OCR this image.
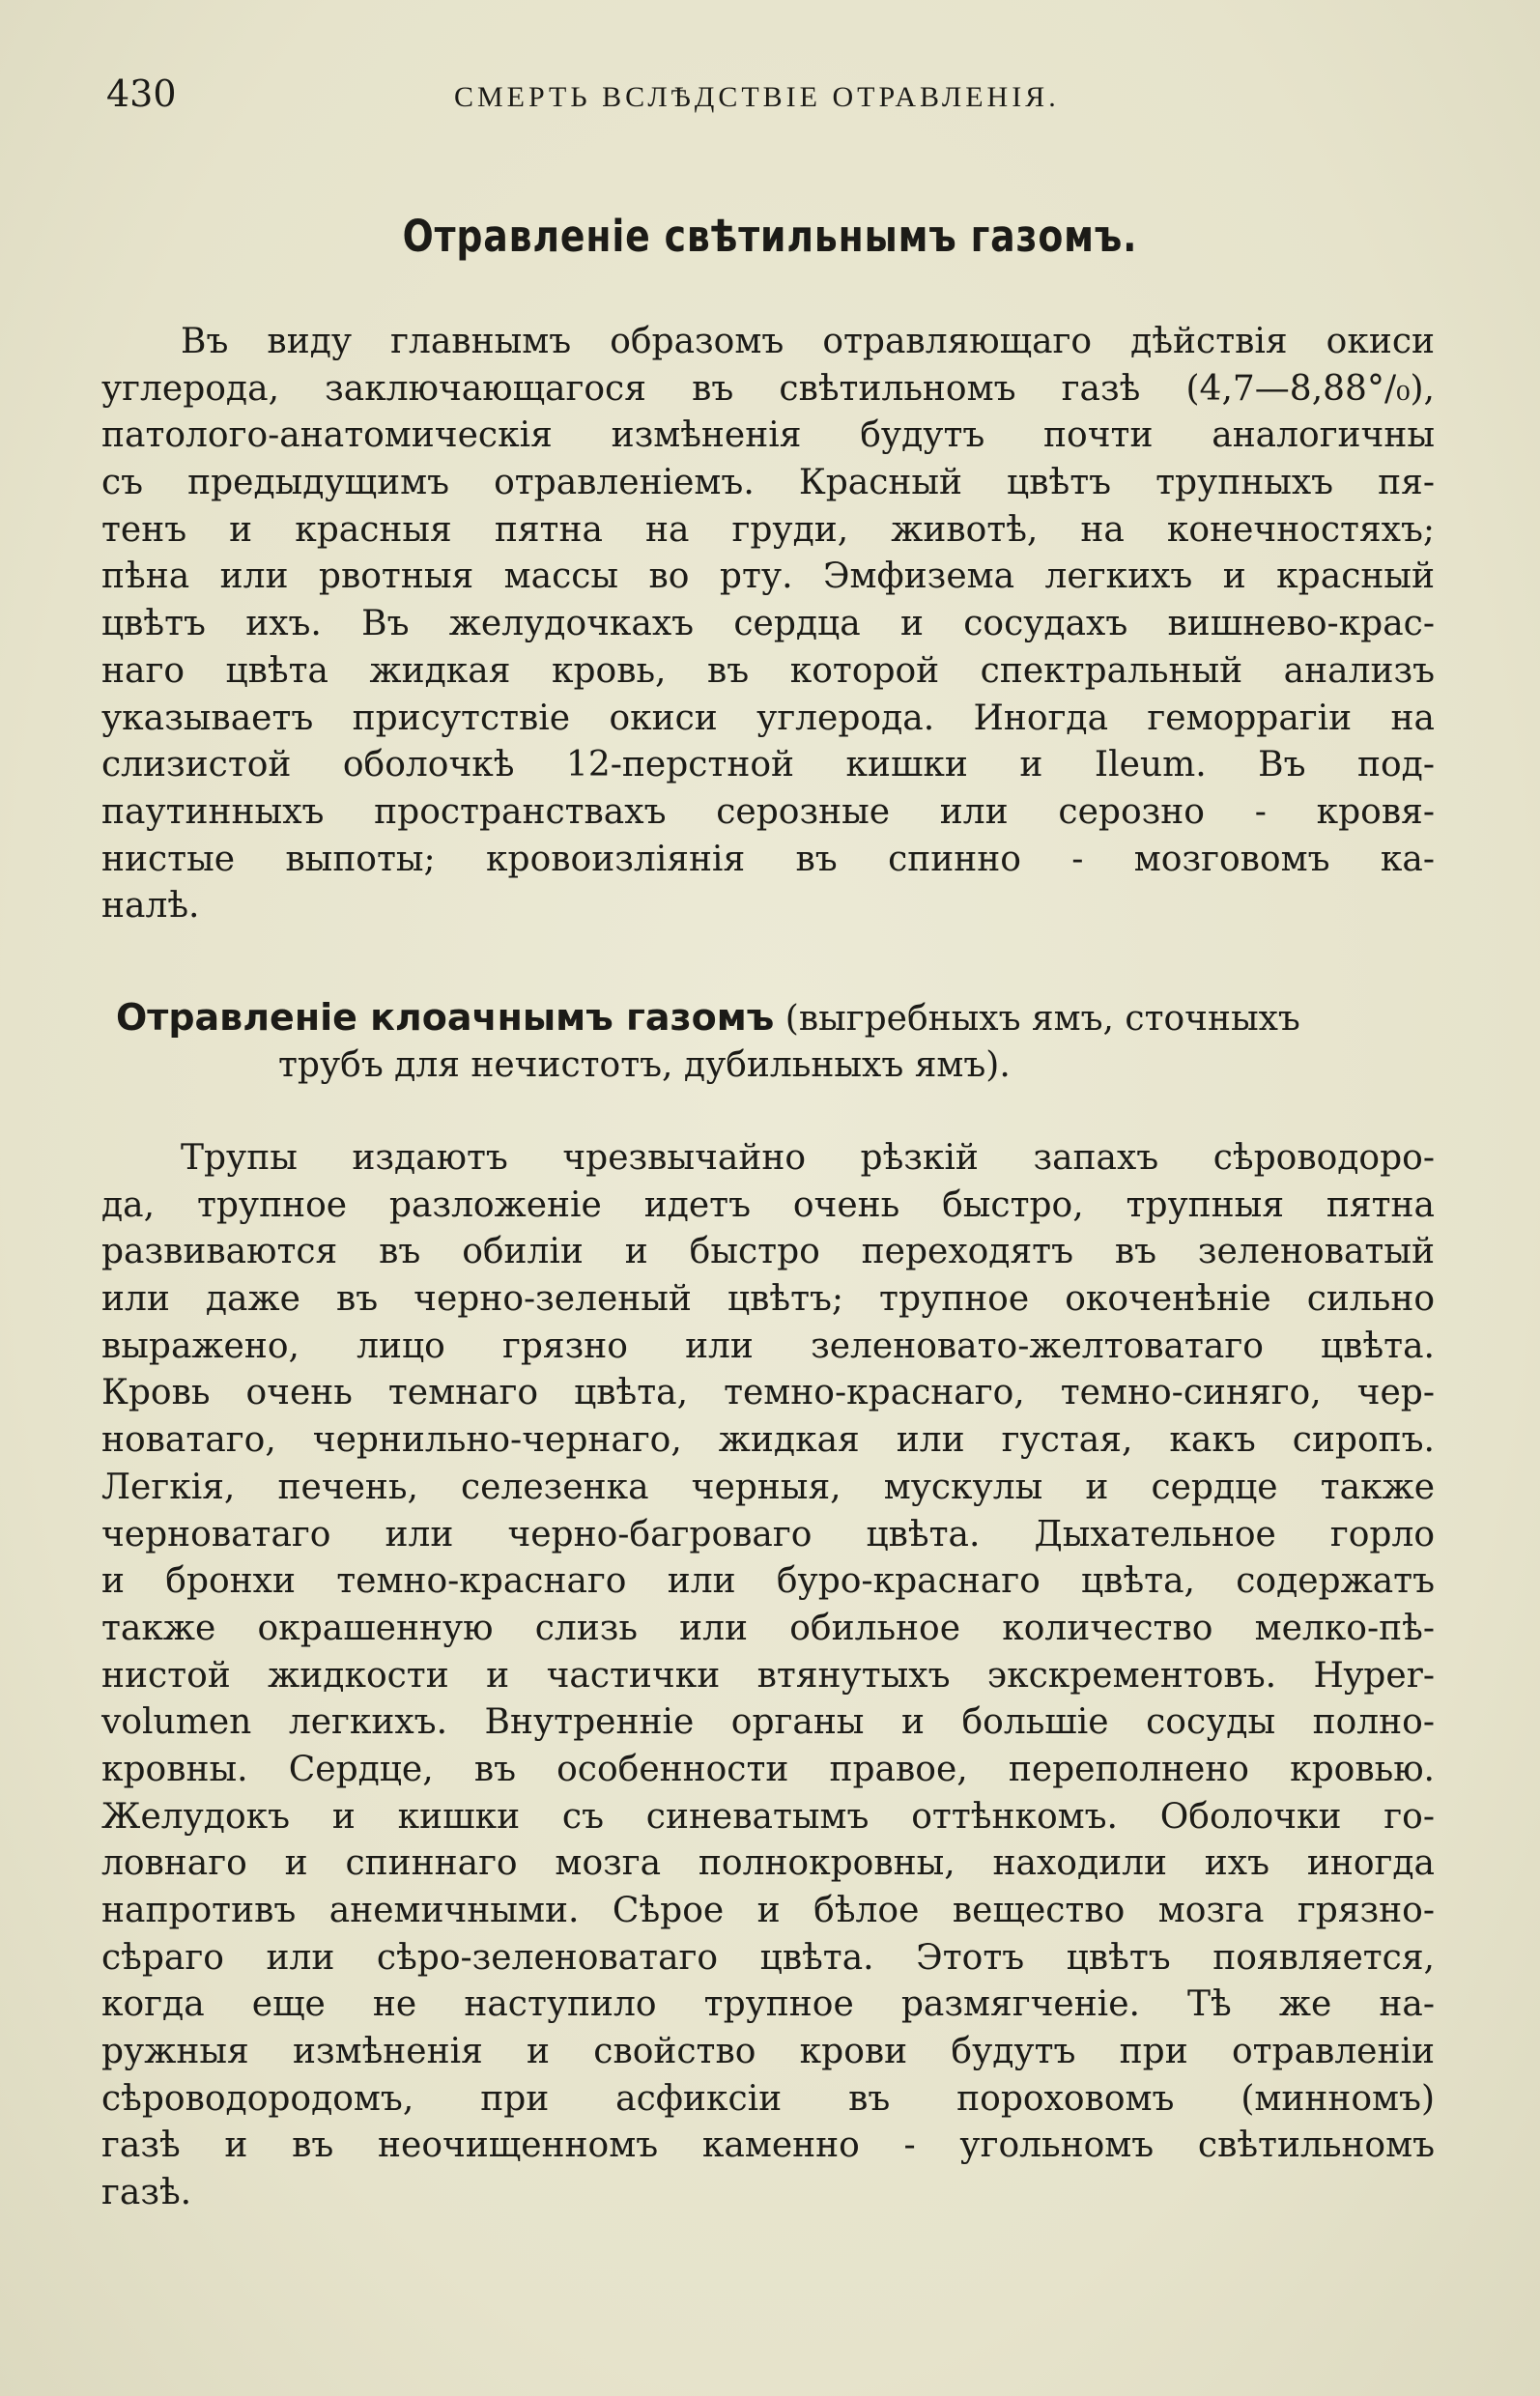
430	СМЕРТЬ ВСЛѢДСТВІЕ ОТРАВЛЕНІЯ.
Отравленіе свѣтильнымъ газомъ.
Въ виду главнымъ образомъ отравляющаго дѣйствія окиси
углерода, заключающагося въ свѣтильномъ газѣ (4,7—8,88°/₀),
патолого-анатомическія измѣненія будутъ почти аналогичны
съ предыдущимъ отравленіемъ. Красный цвѣтъ трупныхъ пя-
тенъ и красныя пятна на груди, животѣ, на конечностяхъ;
пѣна или рвотныя массы во рту. Эмфизема легкихъ и красный
цвѣтъ ихъ. Въ желудочкахъ сердца и сосудахъ вишнево-крас-
наго цвѣта жидкая кровь, въ которой спектральный анализъ
указываетъ присутствіе окиси углерода. Иногда геморрагіи на
слизистой оболочкѣ 12-перстной кишки и Ileum. Въ под-
паутинныхъ пространствахъ серозные или серозно - кровя-
нистые выпоты; кровоизліянія въ спинно - мозговомъ ка-
налѣ.
Отравленіе клоачнымъ газомъ (выгребныхъ ямъ, сточныхъ
трубъ для нечистотъ, дубильныхъ ямъ).
Трупы издаютъ чрезвычайно рѣзкій запахъ сѣроводоро-
да, трупное разложеніе идетъ очень быстро, трупныя пятна
развиваются въ обиліи и быстро переходятъ въ зеленоватый
или даже въ черно-зеленый цвѣтъ; трупное окоченѣніе сильно
выражено, лицо грязно или зеленовато-желтоватаго цвѣта.
Кровь очень темнаго цвѣта, темно-краснаго, темно-синяго, чер-
новатаго, чернильно-чернаго, жидкая или густая, какъ сиропъ.
Легкія, печень, селезенка черныя, мускулы и сердце также
черноватаго или черно-багроваго цвѣта. Дыхательное горло
и бронхи темно-краснаго или буро-краснаго цвѣта, содержатъ
также окрашенную слизь или обильное количество мелко-пѣ-
нистой жидкости и частички втянутыхъ экскрементовъ. Hyper-
volumen легкихъ. Внутренніе органы и большіе сосуды полно-
кровны. Сердце, въ особенности правое, переполнено кровью.
Желудокъ и кишки съ синеватымъ оттѣнкомъ. Оболочки го-
ловнаго и спиннаго мозга полнокровны, находили ихъ иногда
напротивъ анемичными. Сѣрое и бѣлое вещество мозга грязно-
сѣраго или сѣро-зеленоватаго цвѣта. Этотъ цвѣтъ появляется,
когда еще не наступило трупное размягченіе. Тѣ же на-
ружныя измѣненія и свойство крови будутъ при отравленіи
сѣроводородомъ, при асфиксіи въ пороховомъ (минномъ)
газѣ и въ неочищенномъ каменно - угольномъ свѣтильномъ
газѣ.
